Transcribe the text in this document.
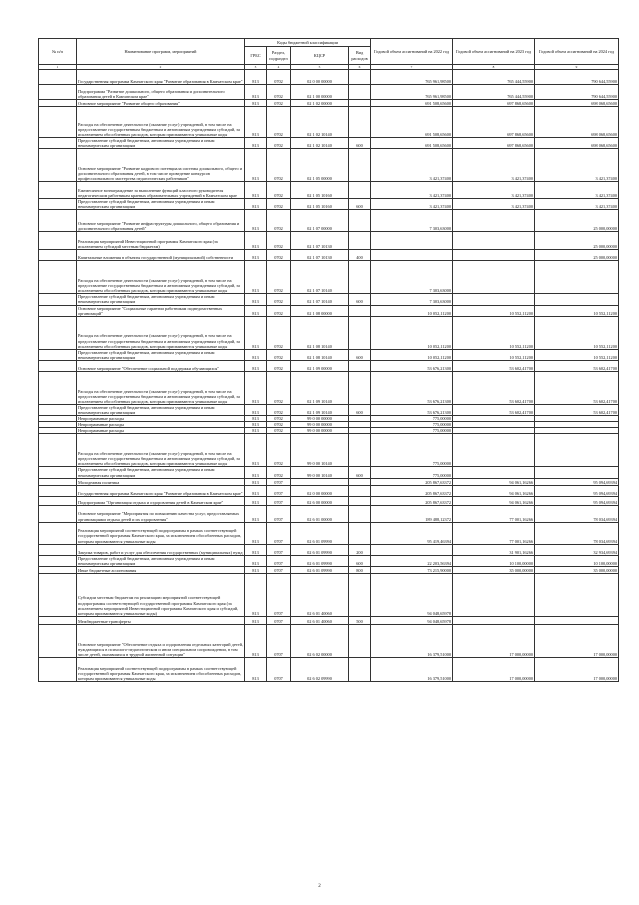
№ п/п	Наименование программ, мероприятий	Коды бюджетной классификации				Годовой объем ассигнований на 2022 год	Годовой объем ассигнований на 2023 год	Годовой объем ассигнований на 2024 год
		ГРБС	Раздел, подраздел	КЦСР	Вид расходов			
1	2	3	4	5	6	7	8	9
	Государственная программа Камчатского края "Развитие образования в Камчатском крае"	813	0702	02 0 00 00000		765 961,98500	765 444,55900	790 644,55900
	Подпрограмма "Развитие дошкольного, общего образования и дополнительного образования детей в Камчатском крае"	813	0702	02 1 00 00000		765 961,98500	765 444,55900	790 644,55900
	Основное мероприятие "Развитие общего образования"	813	0702	02 1 02 00000		691 508,65600	697 868,65600	698 068,65600
	Расходы на обеспечение деятельности (оказание услуг) учреждений, в том числе на предоставление государственным бюджетным и автономным учреждениям субсидий, за исключением обособленных расходов, которым присваиваются уникальные коды	813	0702	02 1 02 10140		691 508,65600	697 868,65600	698 068,65600
	Предоставление субсидий бюджетным, автономным учреждениям и иным некоммерческим организациям	813	0702	02 1 02 10140	600	691 508,65600	697 868,65600	698 068,65600
	Основное мероприятие "Развитие кадрового потенциала системы дошкольного, общего и дополнительного образования детей, в том числе проведение конкурсов профессионального мастерства педагогических работников"	813	0702	02 1 05 00000		3 421,37400	3 421,37400	3 421,37400
	Ежемесячное вознаграждение за выполнение функций классного руководителя педагогическим работникам краевых образовательных учреждений в Камчатском крае	813	0702	02 1 05 10160		3 421,37400	3 421,37400	3 421,37400
	Предоставление субсидий бюджетным, автономным учреждениям и иным некоммерческим организациям	813	0702	02 1 05 10160	600	3 421,37400	3 421,37400	3 421,37400
	Основное мероприятие "Развитие инфраструктуры дошкольного, общего образования и дополнительного образования детей"	813	0702	02 1 07 00000		7 303,63000		25 000,00000
	Реализация мероприятий Инвестиционной программы Камчатского края (за исключением субсидий местным бюджетам)	813	0702	02 1 07 10130				25 000,00000
	Капитальные вложения в объекты государственной (муниципальной) собственности	813	0702	02 1 07 10130	400			25 000,00000
	Расходы на обеспечение деятельности (оказание услуг) учреждений, в том числе на предоставление государственным бюджетным и автономным учреждениям субсидий, за исключением обособленных расходов, которым присваиваются уникальные коды	813	0702	02 1 07 10140		7 303,63000		
	Предоставление субсидий бюджетным, автономным учреждениям и иным некоммерческим организациям	813	0702	02 1 07 10140	600	7 303,63000		
	Основное мероприятие "Социальные гарантии работникам подведомственных организаций"	813	0702	02 1 08 00000		10 052,11200	10 552,11200	10 552,11200
	Расходы на обеспечение деятельности (оказание услуг) учреждений, в том числе на предоставление государственным бюджетным и автономным учреждениям субсидий, за исключением обособленных расходов, которым присваиваются уникальные коды	813	0702	02 1 08 10140		10 052,11200	10 552,11200	10 552,11200
	Предоставление субсидий бюджетным, автономным учреждениям и иным некоммерческим организациям	813	0702	02 1 08 10140	600	10 052,11200	10 552,11200	10 552,11200
	Основное мероприятие "Обеспечение социальной поддержки обучающихся"	813	0702	02 1 09 00000		53 676,21300	53 602,41700	53 602,41700
	Расходы на обеспечение деятельности (оказание услуг) учреждений, в том числе на предоставление государственным бюджетным и автономным учреждениям субсидий, за исключением обособленных расходов, которым присваиваются уникальные коды	813	0702	02 1 09 10140		53 676,21300	53 602,41700	53 602,41700
	Предоставление субсидий бюджетным, автономным учреждениям и иным некоммерческим организациям	813	0702	02 1 09 10140	600	53 676,21300	53 602,41700	53 602,41700
	Непрограммные расходы	813	0702	99 0 00 00000		775,00000		
	Непрограммные расходы	813	0702	99 0 00 00000		775,00000		
	Непрограммные расходы	813	0702	99 0 00 00000		775,00000		
	Расходы на обеспечение деятельности (оказание услуг) учреждений, в том числе на предоставление государственным бюджетным и автономным учреждениям субсидий, за исключением обособленных расходов, которым присваиваются уникальные коды	813	0702	99 0 00 10140		775,00000		
	Предоставление субсидий бюджетным, автономным учреждениям и иным некоммерческим организациям	813	0702	99 0 00 10140	600	775,00000		
	Молодежная политика	813	0707			205 867,63372	94 061,16266	95 094,69394
	Государственная программа Камчатского края "Развитие образования в Камчатском крае"	813	0707	02 0 00 00000		205 867,63372	94 061,16266	95 094,69394
	Подпрограмма "Организация отдыха и оздоровления детей в Камчатском крае"	813	0707	02 6 00 00000		205 867,63372	94 061,16266	95 094,69394
	Основное мероприятие "Мероприятия по повышению качества услуг, предоставляемых организациями отдыха детей и их оздоровления"	813	0707	02 6 01 00000		189 488,12372	77 001,16266	78 034,69394
	Реализация мероприятий соответствующей подпрограммы в рамках соответствующей государственной программы Камчатского края, за исключением обособленных расходов, которым присваиваются уникальные коды	813	0707	02 6 01 09990		95 419,46394	77 001,16266	78 034,69394
	Закупка товаров, работ и услуг для обеспечения государственных (муниципальных) нужд	813	0707	02 6 01 09990	200		31 901,16266	32 934,69394
	Предоставление субсидий бюджетным, автономным учреждениям и иным некоммерческим организациям	813	0707	02 6 01 09990	600	22 203,56394	10 100,00000	10 100,00000
	Иные бюджетные ассигнования	813	0707	02 6 01 09990	800	73 215,90000	35 000,00000	35 000,00000
	Субсидии местным бюджетам на реализацию мероприятий соответствующей подпрограммы соответствующей государственной программы Камчатского края (за исключением мероприятий Инвестиционной программы Камчатского края и субсидий, которым присваиваются уникальные коды)	813	0707	02 6 01 40060		94 048,65978		
	Межбюджетные трансферты	813	0707	02 6 01 40060	500	94 048,65978		
	Основное мероприятие "Обеспечение отдыха и оздоровления отдельных категорий детей, нуждающихся в психолого-педагогическом и ином специальном сопровождении, в том числе детей, оказавшихся в трудной жизненной ситуации"	813	0707	02 6 02 00000		16 379,51000	17 000,00000	17 000,00000
	Реализация мероприятий соответствующей подпрограммы в рамках соответствующей государственной программы Камчатского края, за исключением обособленных расходов, которым присваиваются уникальные коды	813	0707	02 6 02 09990		16 379,51000	17 000,00000	17 000,00000
2
